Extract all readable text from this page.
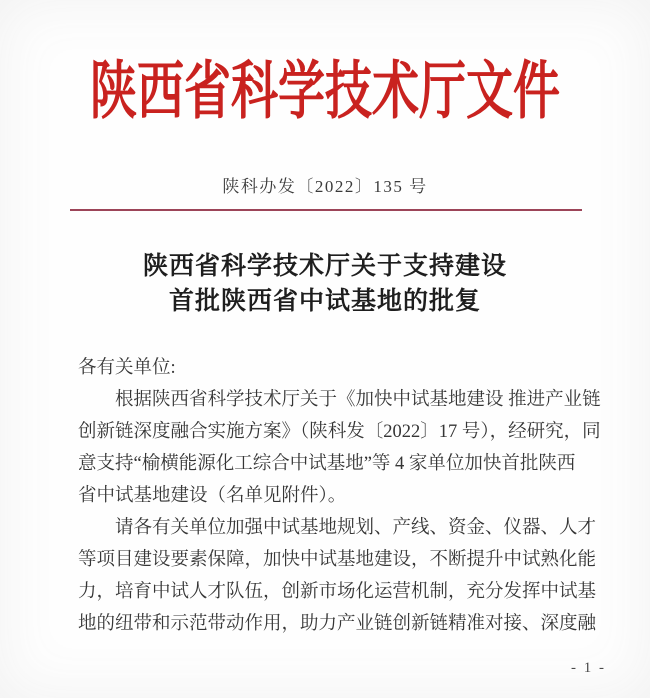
陕西省科学技术厅文件
陕科办发〔2022〕135 号
陕西省科学技术厅关于支持建设
首批陕西省中试基地的批复
各有关单位:
根据陕西省科学技术厅关于《加快中试基地建设 推进产业链
创新链深度融合实施方案》（陕科发〔2022〕17 号），经研究，同
意支持“榆横能源化工综合中试基地”等 4 家单位加快首批陕西
省中试基地建设（名单见附件）。
请各有关单位加强中试基地规划、产线、资金、仪器、人才
等项目建设要素保障，加快中试基地建设，不断提升中试熟化能
力，培育中试人才队伍，创新市场化运营机制，充分发挥中试基
地的纽带和示范带动作用，助力产业链创新链精准对接、深度融
- 1 -
